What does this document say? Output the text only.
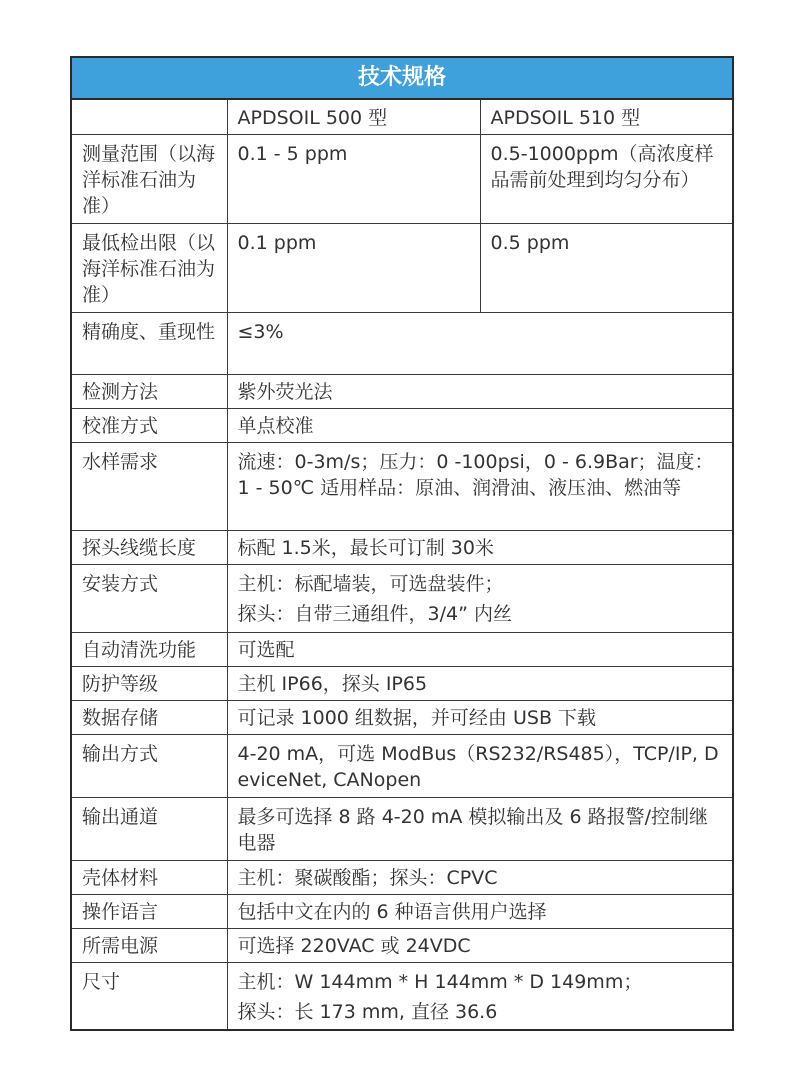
技术规格		
	APDSOIL 500 型	APDSOIL 510 型
测量范围（以海洋标准石油为准）	0.1 - 5 ppm	0.5-1000ppm（高浓度样品需前处理到均匀分布）
最低检出限（以海洋标准石油为准）	0.1 ppm	0.5 ppm
精确度、重现性	≤3%	
检测方法	紫外荧光法	
校准方式	单点校准	
水样需求	流速：0-3m/s；压力：0 -100psi，0 - 6.9Bar；温度：1 - 50℃ 适用样品：原油、润滑油、液压油、燃油等	
探头线缆长度	标配 1.5米，最长可订制 30米	
安装方式	主机：标配墙装，可选盘装件；
探头：自带三通组件，3/4” 内丝	

自动清洗功能	可选配	
防护等级	主机 IP66，探头 IP65	
数据存储	可记录 1000 组数据，并可经由 USB 下载	
输出方式	4-20 mA，可选 ModBus（RS232/RS485），TCP/IP, DeviceNet, CANopen	
输出通道	最多可选择 8 路 4-20 mA 模拟输出及 6 路报警/控制继电器	
壳体材料	主机：聚碳酸酯；探头：CPVC	
操作语言	包括中文在内的 6 种语言供用户选择	
所需电源	可选择 220VAC 或 24VDC	
尺寸	主机：W 144mm * H 144mm * D 149mm；
探头：长 173 mm, 直径 36.6	
